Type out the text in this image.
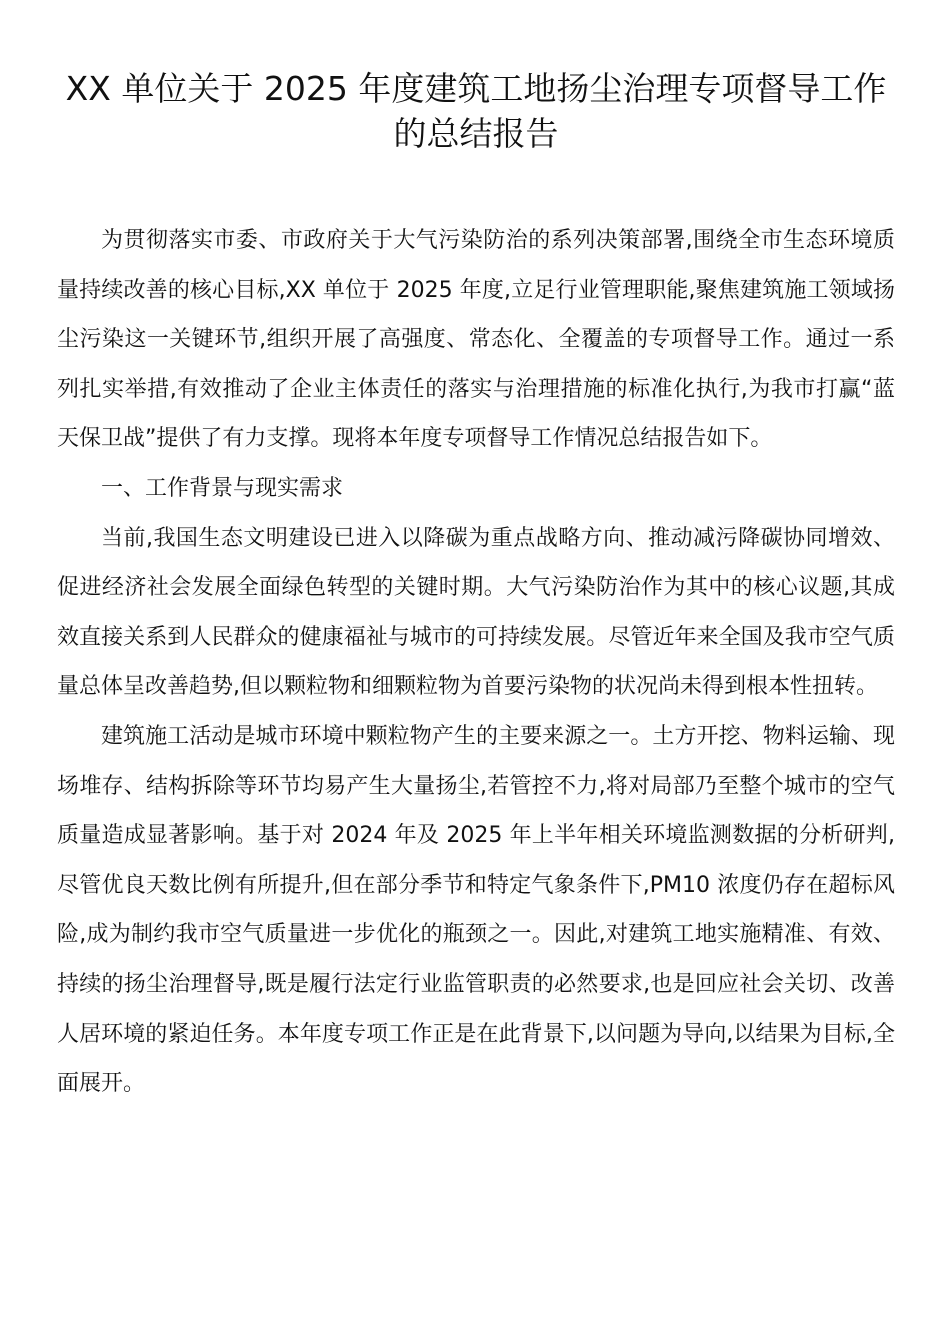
XX 单位关于 2025 年度建筑工地扬尘治理专项督导工作的总结报告

为贯彻落实市委、市政府关于大气污染防治的系列决策部署,围绕全市生态环境质量持续改善的核心目标,XX 单位于 2025 年度,立足行业管理职能,聚焦建筑施工领域扬尘污染这一关键环节,组织开展了高强度、常态化、全覆盖的专项督导工作。通过一系列扎实举措,有效推动了企业主体责任的落实与治理措施的标准化执行,为我市打赢“蓝天保卫战”提供了有力支撑。现将本年度专项督导工作情况总结报告如下。

一、工作背景与现实需求

当前,我国生态文明建设已进入以降碳为重点战略方向、推动减污降碳协同增效、促进经济社会发展全面绿色转型的关键时期。大气污染防治作为其中的核心议题,其成效直接关系到人民群众的健康福祉与城市的可持续发展。尽管近年来全国及我市空气质量总体呈改善趋势,但以颗粒物和细颗粒物为首要污染物的状况尚未得到根本性扭转。

建筑施工活动是城市环境中颗粒物产生的主要来源之一。土方开挖、物料运输、现场堆存、结构拆除等环节均易产生大量扬尘,若管控不力,将对局部乃至整个城市的空气质量造成显著影响。基于对 2024 年及 2025 年上半年相关环境监测数据的分析研判,尽管优良天数比例有所提升,但在部分季节和特定气象条件下,PM10 浓度仍存在超标风险,成为制约我市空气质量进一步优化的瓶颈之一。因此,对建筑工地实施精准、有效、持续的扬尘治理督导,既是履行法定行业监管职责的必然要求,也是回应社会关切、改善人居环境的紧迫任务。本年度专项工作正是在此背景下,以问题为导向,以结果为目标,全面展开。
